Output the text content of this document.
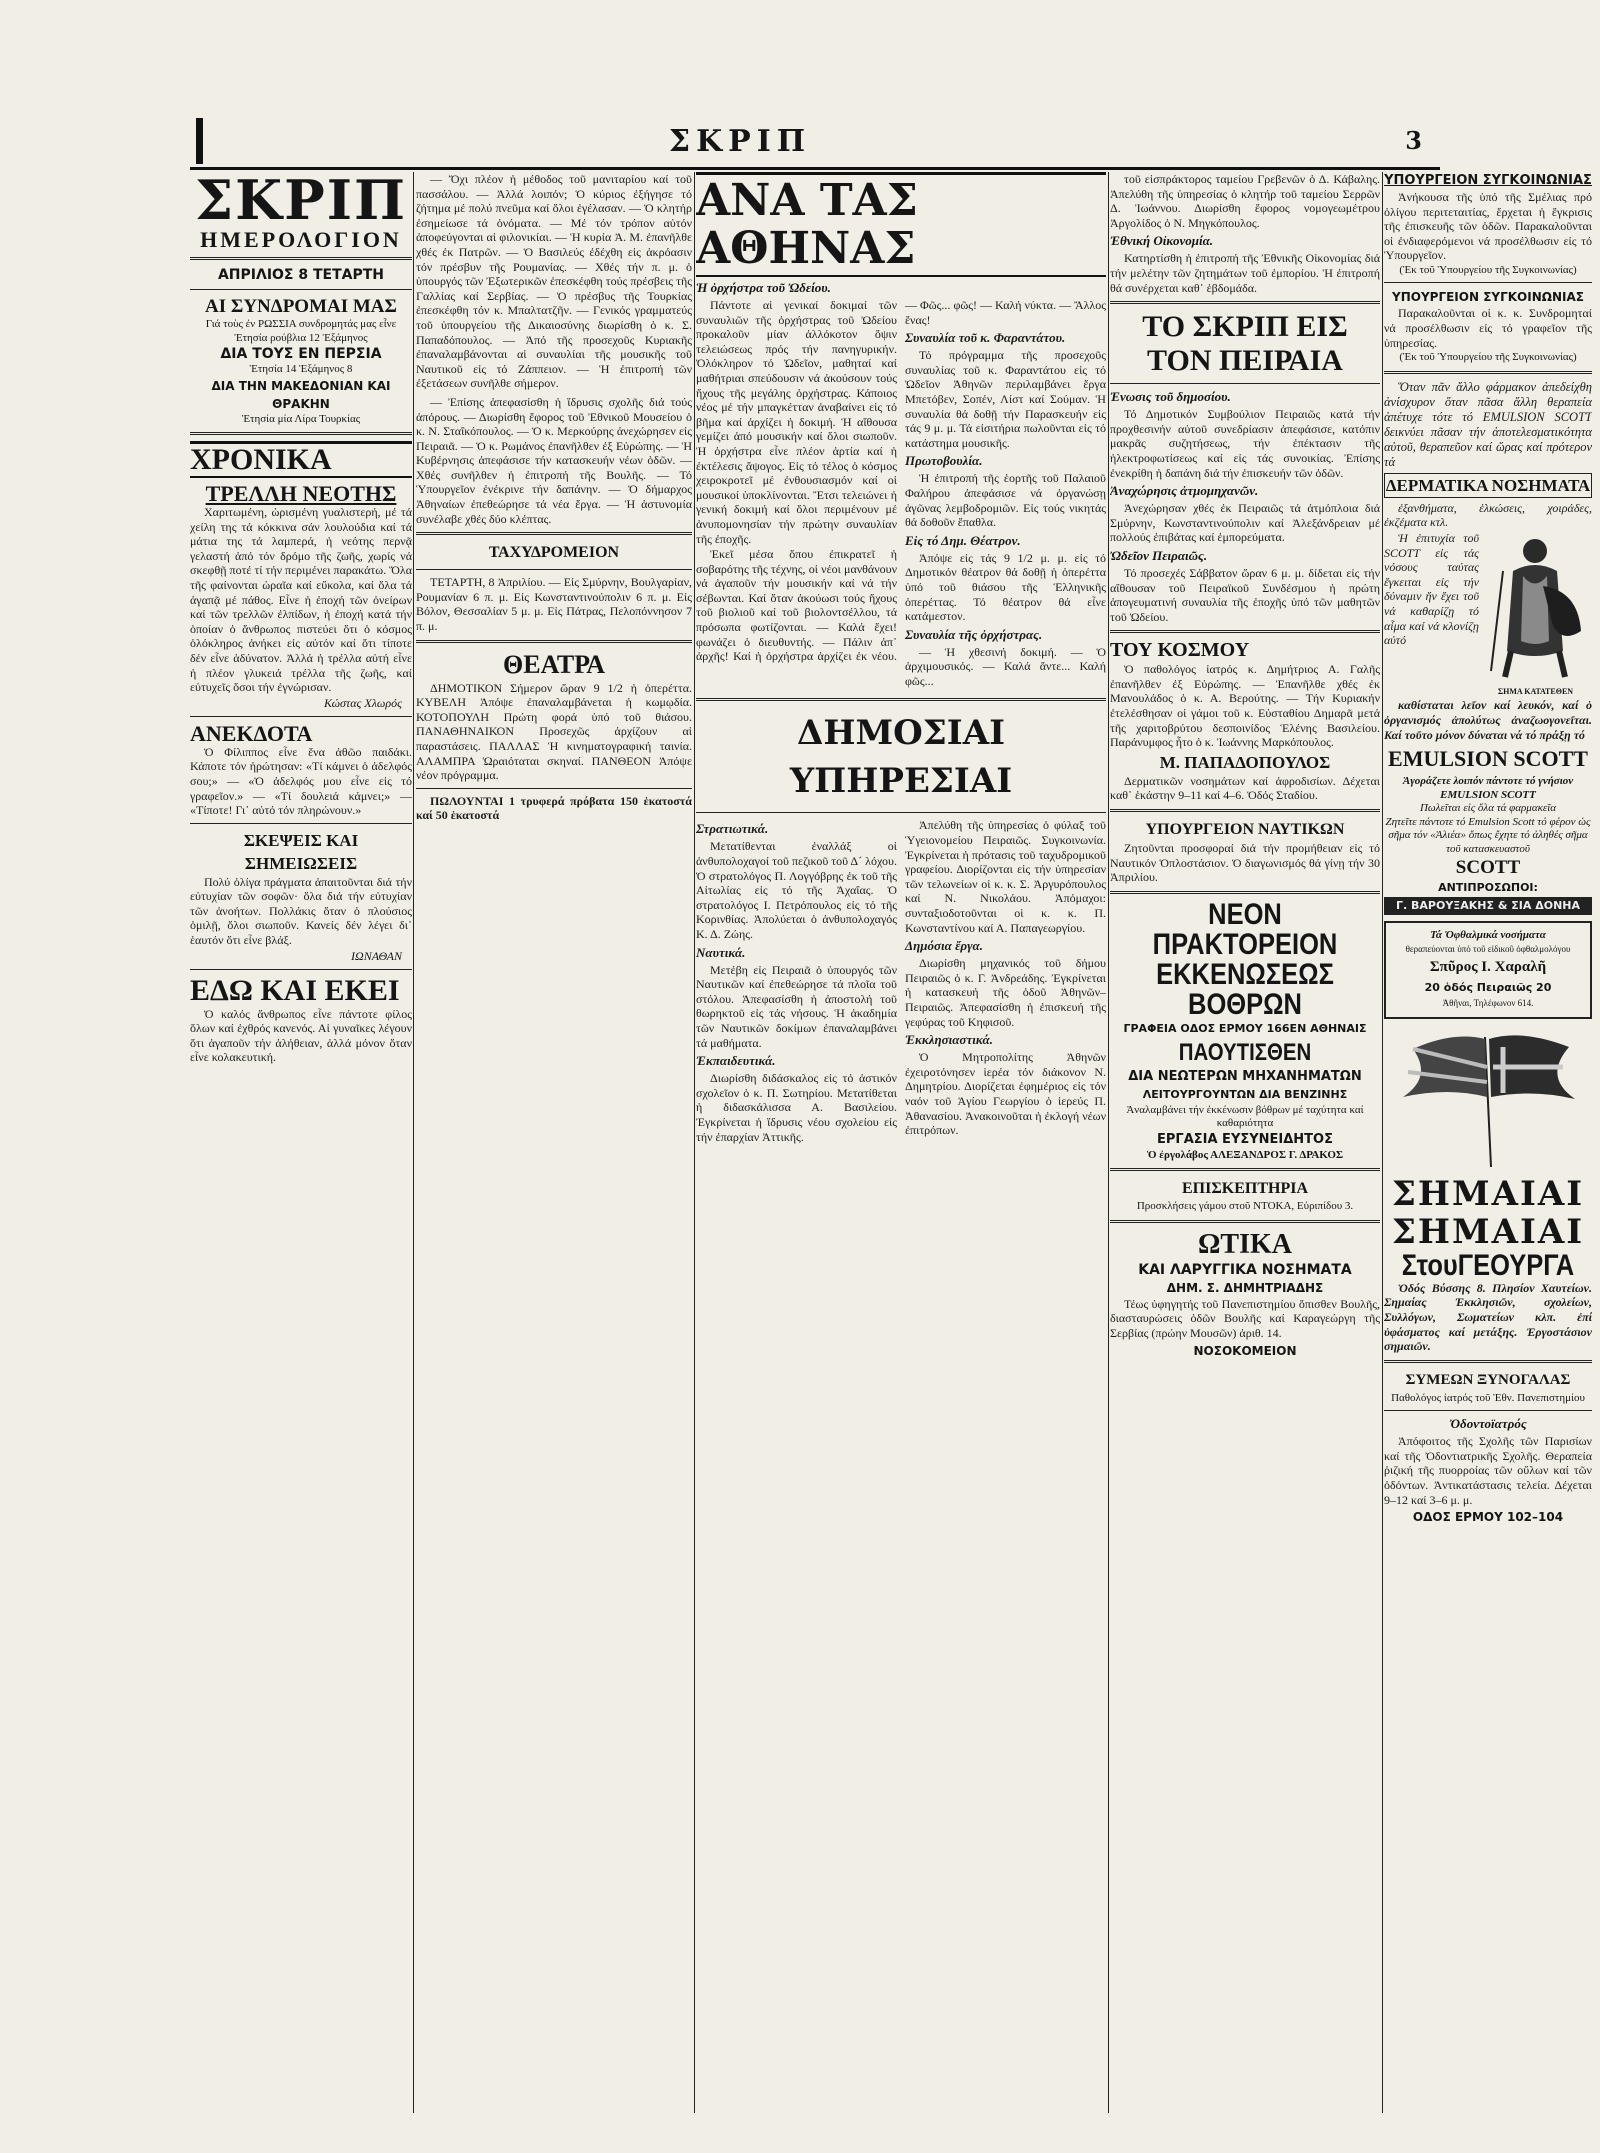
ΣΚΡΙΠ	3
ΣΚΡΙΠ
ΗΜΕΡΟΛΟΓΙΟΝ
ΑΠΡΙΛΙΟΣ 8 ΤΕΤΑΡΤΗ
ΑΙ ΣΥΝΔΡΟΜΑΙ ΜΑΣ
Γιά τοὺς ἐν ΡΩΣΣΙΑ συνδρομητάς μας εἶνε
Ἑτησία ρούβλια 12 Ἑξάμηνος
ΔΙΑ ΤΟΥΣ ΕΝ ΠΕΡΣΙΑ
Ἑτησία 14 Ἑξάμηνος 8
ΔΙΑ ΤΗΝ ΜΑΚΕΔΟΝΙΑΝ ΚΑΙ ΘΡΑΚΗΝ
Ἑτησία μία Λίρα Τουρκίας
ΧΡΟΝΙΚΑ
ΤΡΕΛΛΗ ΝΕΟΤΗΣ

Χαριτωμένη, ὡρισμένη γυαλιστερή, μέ τά χείλη της τά κόκκινα σάν λουλούδια καί τά μάτια της τά λαμπερά, ἡ νεότης περνᾷ γελαστή ἀπό τόν δρόμο τῆς ζωῆς, χωρίς νά σκεφθῇ ποτέ τί τήν περιμένει παρακάτω. Ὅλα τῆς φαίνονται ὡραῖα καί εὔκολα, καί ὅλα τά ἀγαπᾷ μέ πάθος. Εἶνε ἡ ἐποχή τῶν ὀνείρων καί τῶν τρελλῶν ἐλπίδων, ἡ ἐποχή κατά τήν ὁποίαν ὁ ἄνθρωπος πιστεύει ὅτι ὁ κόσμος ὁλόκληρος ἀνήκει εἰς αὐτόν καί ὅτι τίποτε δέν εἶνε ἀδύνατον. Ἀλλά ἡ τρέλλα αὐτή εἶνε ἡ πλέον γλυκειά τρέλλα τῆς ζωῆς, καί εὐτυχεῖς ὅσοι τήν ἐγνώρισαν.

Κώστας Χλωρός
ΑΝΕΚΔΟΤΑ

Ὁ Φίλιππος εἶνε ἕνα ἀθῶο παιδάκι. Κάποτε τόν ἠρώτησαν: «Τί κάμνει ὁ ἀδελφός σου;» — «Ὁ ἀδελφός μου εἶνε εἰς τό γραφεῖον.» — «Τί δουλειά κάμνει;» — «Τίποτε! Γι᾿ αὐτό τόν πληρώνουν.»

ΣΚΕΨΕΙΣ ΚΑΙ ΣΗΜΕΙΩΣΕΙΣ

Πολύ ὀλίγα πράγματα ἀπαιτοῦνται διά τήν εὐτυχίαν τῶν σοφῶν· ὅλα διά τήν εὐτυχίαν τῶν ἀνοήτων. Πολλάκις ὅταν ὁ πλούσιος ὁμιλῇ, ὅλοι σιωποῦν. Κανείς δέν λέγει δι᾿ ἑαυτόν ὅτι εἶνε βλάξ.

ΙΩΝΑΘΑΝ
ΕΔΩ ΚΑΙ ΕΚΕΙ

Ὁ καλός ἄνθρωπος εἶνε πάντοτε φίλος ὅλων καί ἐχθρός κανενός. Αἱ γυναῖκες λέγουν ὅτι ἀγαποῦν τήν ἀλήθειαν, ἀλλά μόνον ὅταν εἶνε κολακευτική.

— Ὄχι πλέον ἡ μέθοδος τοῦ μανιταρίου καί τοῦ πασσάλου. — Ἀλλά λοιπόν; Ὁ κύριος ἐξήγησε τό ζήτημα μέ πολύ πνεῦμα καί ὅλοι ἐγέλασαν. — Ὁ κλητήρ ἐσημείωσε τά ὀνόματα. — Μέ τόν τρόπον αὐτόν ἀποφεύγονται αἱ φιλονικίαι. — Ἡ κυρία Ἀ. Μ. ἐπανῆλθε χθές ἐκ Πατρῶν. — Ὁ Βασιλεύς ἐδέχθη εἰς ἀκρόασιν τόν πρέσβυν τῆς Ρουμανίας. — Χθές τήν π. μ. ὁ ὑπουργός τῶν Ἐξωτερικῶν ἐπεσκέφθη τούς πρέσβεις τῆς Γαλλίας καί Σερβίας. — Ὁ πρέσβυς τῆς Τουρκίας ἐπεσκέφθη τόν κ. Μπαλτατζῆν. — Γενικός γραμματεύς τοῦ ὑπουργείου τῆς Δικαιοσύνης διωρίσθη ὁ κ. Σ. Παπαδόπουλος. — Ἀπό τῆς προσεχοῦς Κυριακῆς ἐπαναλαμβάνονται αἱ συναυλίαι τῆς μουσικῆς τοῦ Ναυτικοῦ εἰς τό Ζάππειον. — Ἡ ἐπιτροπή τῶν ἐξετάσεων συνῆλθε σήμερον.

— Ἐπίσης ἀπεφασίσθη ἡ ἵδρυσις σχολῆς διά τούς ἀπόρους. — Διωρίσθη ἔφορος τοῦ Ἐθνικοῦ Μουσείου ὁ κ. Ν. Σταΐκόπουλος. — Ὁ κ. Μερκούρης ἀνεχώρησεν εἰς Πειραιᾶ. — Ὁ κ. Ρωμάνος ἐπανῆλθεν ἐξ Εὐρώπης. — Ἡ Κυβέρνησις ἀπεφάσισε τήν κατασκευήν νέων ὁδῶν. — Χθές συνῆλθεν ἡ ἐπιτροπή τῆς Βουλῆς. — Τό Ὑπουργεῖον ἐνέκρινε τήν δαπάνην. — Ὁ δήμαρχος Ἀθηναίων ἐπεθεώρησε τά νέα ἔργα. — Ἡ ἀστυνομία συνέλαβε χθές δύο κλέπτας.

ΤΑΧΥΔΡΟΜΕΙΟΝ

ΤΕΤΑΡΤΗ, 8 Ἀπριλίου. — Εἰς Σμύρνην, Βουλγαρίαν, Ρουμανίαν 6 π. μ. Εἰς Κωνσταντινούπολιν 6 π. μ. Εἰς Βόλον, Θεσσαλίαν 5 μ. μ. Εἰς Πάτρας, Πελοπόννησον 7 π. μ.

ΘΕΑΤΡΑ

ΔΗΜΟΤΙΚΟΝ Σήμερον ὥραν 9 1/2 ἡ ὀπερέττα. ΚΥΒΕΛΗ Ἀπόψε ἐπαναλαμβάνεται ἡ κωμῳδία. ΚΟΤΟΠΟΥΛΗ Πρώτη φορά ὑπό τοῦ θιάσου. ΠΑΝΑΘΗΝΑΙΚΟΝ Προσεχῶς ἀρχίζουν αἱ παραστάσεις. ΠΑΛΛΑΣ Ἡ κινηματογραφική ταινία. ΑΛΑΜΠΡΑ Ὡραιόταται σκηναί. ΠΑΝΘΕΟΝ Ἀπόψε νέον πρόγραμμα.

ΠΩΛΟΥΝΤΑΙ 1 τρυφερά πρόβατα 150 ἑκατοστά καί 50 ἑκατοστά

ΑΝΑ ΤΑΣ ΑΘΗΝΑΣ
Ἡ ὀρχήστρα τοῦ Ὠδείου.

Πάντοτε αἱ γενικαί δοκιμαί τῶν συναυλιῶν τῆς ὀρχήστρας τοῦ Ὠδείου προκαλοῦν μίαν ἀλλόκοτον ὄψιν τελειώσεως πρός τήν πανηγυρικήν. Ὁλόκληρον τό Ὠδεῖον, μαθηταί καί μαθήτριαι σπεύδουσιν νά ἀκούσουν τούς ἤχους τῆς μεγάλης ὀρχήστρας. Κάποιος νέος μέ τήν μπαγκέτταν ἀναβαίνει εἰς τό βῆμα καί ἀρχίζει ἡ δοκιμή. Ἡ αἴθουσα γεμίζει ἀπό μουσικήν καί ὅλοι σιωποῦν. Ἡ ὀρχήστρα εἶνε πλέον ἀρτία καί ἡ ἐκτέλεσις ἄψογος. Εἰς τό τέλος ὁ κόσμος χειροκροτεῖ μέ ἐνθουσιασμόν καί οἱ μουσικοί ὑποκλίνονται. Ἔτσι τελειώνει ἡ γενική δοκιμή καί ὅλοι περιμένουν μέ ἀνυπομονησίαν τήν πρώτην συναυλίαν τῆς ἐποχῆς.

Ἐκεῖ μέσα ὅπου ἐπικρατεῖ ἡ σοβαρότης τῆς τέχνης, οἱ νέοι μανθάνουν νά ἀγαποῦν τήν μουσικήν καί νά τήν σέβωνται. Καί ὅταν ἀκούωσι τούς ἤχους τοῦ βιολιοῦ καί τοῦ βιολοντσέλλου, τά πρόσωπα φωτίζονται. — Καλά ἔχει! φωνάζει ὁ διευθυντής. — Πάλιν ἀπ᾿ ἀρχῆς! Καί ἡ ὀρχήστρα ἀρχίζει ἐκ νέου. — Φῶς... φῶς! — Καλή νύκτα. — Ἄλλος ἕνας!

Συναυλία τοῦ κ. Φαραντάτου.

Τό πρόγραμμα τῆς προσεχοῦς συναυλίας τοῦ κ. Φαραντάτου εἰς τό Ὠδεῖον Ἀθηνῶν περιλαμβάνει ἔργα Μπετόβεν, Σοπέν, Λίστ καί Σούμαν. Ἡ συναυλία θά δοθῇ τήν Παρασκευήν εἰς τάς 9 μ. μ. Τά εἰσιτήρια πωλοῦνται εἰς τό κατάστημα μουσικῆς.

Πρωτοβουλία.

Ἡ ἐπιτροπή τῆς ἑορτῆς τοῦ Παλαιοῦ Φαλήρου ἀπεφάσισε νά ὀργανώσῃ ἀγῶνας λεμβοδρομιῶν. Εἰς τούς νικητάς θά δοθοῦν ἔπαθλα.

Εἰς τό Δημ. Θέατρον.

Ἀπόψε εἰς τάς 9 1/2 μ. μ. εἰς τό Δημοτικόν θέατρον θά δοθῇ ἡ ὀπερέττα ὑπό τοῦ θιάσου τῆς Ἑλληνικῆς ὀπερέττας. Τό θέατρον θά εἶνε κατάμεστον.

Συναυλία τῆς ὀρχήστρας.

— Ἡ χθεσινή δοκιμή. — Ὁ ἀρχιμουσικός. — Καλά ἄντε... Καλή φῶς...

ΔΗΜΟΣΙΑΙ ΥΠΗΡΕΣΙΑΙ
Στρατιωτικά.

Μετατίθενται ἐναλλάξ οἱ ἀνθυπολοχαγοί τοῦ πεζικοῦ τοῦ Δ´ λόχου. Ὁ στρατολόγος Π. Λογγόβρης ἐκ τοῦ τῆς Αἰτωλίας εἰς τό τῆς Ἀχαΐας. Ὁ στρατολόγος Ι. Πετρόπουλος εἰς τό τῆς Κορινθίας. Ἀπολύεται ὁ ἀνθυπολοχαγός Κ. Δ. Ζώης.

Ναυτικά.

Μετέβη εἰς Πειραιᾶ ὁ ὑπουργός τῶν Ναυτικῶν καί ἐπεθεώρησε τά πλοῖα τοῦ στόλου. Ἀπεφασίσθη ἡ ἀποστολή τοῦ θωρηκτοῦ εἰς τάς νήσους. Ἡ ἀκαδημία τῶν Ναυτικῶν δοκίμων ἐπαναλαμβάνει τά μαθήματα.

Ἐκπαιδευτικά.

Διωρίσθη διδάσκαλος εἰς τό ἀστικόν σχολεῖον ὁ κ. Π. Σωτηρίου. Μετατίθεται ἡ διδασκάλισσα Α. Βασιλείου. Ἐγκρίνεται ἡ ἵδρυσις νέου σχολείου εἰς τήν ἐπαρχίαν Ἀττικῆς.

Ἀπελύθη τῆς ὑπηρεσίας ὁ φύλαξ τοῦ Ὑγειονομείου Πειραιῶς. Συγκοινωνία. Ἐγκρίνεται ἡ πρότασις τοῦ ταχυδρομικοῦ γραφείου. Διορίζονται εἰς τήν ὑπηρεσίαν τῶν τελωνείων οἱ κ. κ. Σ. Ἀργυρόπουλος καί Ν. Νικολάου. Ἀπόμαχοι: συνταξιοδοτοῦνται οἱ κ. κ. Π. Κωνσταντίνου καί Α. Παπαγεωργίου.

Δημόσια ἔργα.

Διωρίσθη μηχανικός τοῦ δήμου Πειραιῶς ὁ κ. Γ. Ἀνδρεάδης. Ἐγκρίνεται ἡ κατασκευή τῆς ὁδοῦ Ἀθηνῶν–Πειραιῶς. Ἀπεφασίσθη ἡ ἐπισκευή τῆς γεφύρας τοῦ Κηφισοῦ.

Ἐκκλησιαστικά.

Ὁ Μητροπολίτης Ἀθηνῶν ἐχειροτόνησεν ἱερέα τόν διάκονον Ν. Δημητρίου. Διορίζεται ἐφημέριος εἰς τόν ναόν τοῦ Ἁγίου Γεωργίου ὁ ἱερεύς Π. Ἀθανασίου. Ἀνακοινοῦται ἡ ἐκλογή νέων ἐπιτρόπων.

τοῦ εἰσπράκτορος ταμείου Γρεβενῶν ὁ Δ. Κάβαλης. Ἀπελύθη τῆς ὑπηρεσίας ὁ κλητήρ τοῦ ταμείου Σερρῶν Δ. Ἰωάννου. Διωρίσθη ἔφορος νομογεωμέτρου Ἀργολίδος ὁ Ν. Μηγκόπουλος.

Ἐθνική Οἰκονομία.

Κατηρτίσθη ἡ ἐπιτροπή τῆς Ἐθνικῆς Οἰκονομίας διά τήν μελέτην τῶν ζητημάτων τοῦ ἐμπορίου. Ἡ ἐπιτροπή θά συνέρχεται καθ᾿ ἑβδομάδα.

ΤΟ ΣΚΡΙΠ ΕΙΣ ΤΟΝ ΠΕΙΡΑΙΑ
Ἐνωσις τοῦ δημοσίου.

Τό Δημοτικόν Συμβούλιον Πειραιῶς κατά τήν προχθεσινήν αὐτοῦ συνεδρίασιν ἀπεφάσισε, κατόπιν μακρᾶς συζητήσεως, τήν ἐπέκτασιν τῆς ἠλεκτροφωτίσεως καί εἰς τάς συνοικίας. Ἐπίσης ἐνεκρίθη ἡ δαπάνη διά τήν ἐπισκευήν τῶν ὁδῶν.

Ἀναχώρησις ἀτμομηχανῶν.

Ἀνεχώρησαν χθές ἐκ Πειραιῶς τά ἀτμόπλοια διά Σμύρνην, Κωνσταντινούπολιν καί Ἀλεξάνδρειαν μέ πολλούς ἐπιβάτας καί ἐμπορεύματα.

Ὠδεῖον Πειραιῶς.

Τό προσεχές Σάββατον ὥραν 6 μ. μ. δίδεται εἰς τήν αἴθουσαν τοῦ Πειραϊκοῦ Συνδέσμου ἡ πρώτη ἀπογευματινή συναυλία τῆς ἐποχῆς ὑπό τῶν μαθητῶν τοῦ Ὠδείου.

ΤΟΥ ΚΟΣΜΟΥ

Ὁ παθολόγος ἰατρός κ. Δημήτριος Α. Γαλῆς ἐπανῆλθεν ἐξ Εὐρώπης. — Ἐπανῆλθε χθές ἐκ Μανουλάδος ὁ κ. Α. Βερούτης. — Τήν Κυριακήν ἐτελέσθησαν οἱ γάμοι τοῦ κ. Εὐσταθίου Δημαρᾶ μετά τῆς χαριτοβρύτου δεσποινίδος Ἑλένης Βασιλείου. Παράνυμφος ἦτο ὁ κ. Ἰωάννης Μαρκόπουλος.

Μ. ΠΑΠΑΔΟΠΟΥΛΟΣ

Δερματικῶν νοσημάτων καί ἀφροδισίων. Δέχεται καθ᾿ ἑκάστην 9–11 καί 4–6. Ὁδός Σταδίου.

ΥΠΟΥΡΓΕΙΟΝ ΝΑΥΤΙΚΩΝ

Ζητοῦνται προσφοραί διά τήν προμήθειαν εἰς τό Ναυτικόν Ὁπλοστάσιον. Ὁ διαγωνισμός θά γίνῃ τήν 30 Ἀπριλίου.

ΝΕΟΝ ΠΡΑΚΤΟΡΕΙΟΝ
ΕΚΚΕΝΩΣΕΩΣ ΒΟΘΡΩΝ
ΓΡΑΦΕΙΑ ΟΔΟΣ ΕΡΜΟΥ 166ΕΝ ΑΘΗΝΑΙΣ
ΠΑΟΥΤΙΣΘΕΝ
ΔΙΑ ΝΕΩΤΕΡΩΝ ΜΗΧΑΝΗΜΑΤΩΝ
ΛΕΙΤΟΥΡΓΟΥΝΤΩΝ ΔΙΑ ΒΕΝΖΙΝΗΣ
Ἀναλαμβάνει τήν ἐκκένωσιν βόθρων μέ ταχύτητα καί καθαριότητα
ΕΡΓΑΣΙΑ ΕΥΣΥΝΕΙΔΗΤΟΣ
Ὁ ἐργολάβος ΑΛΕΞΑΝΔΡΟΣ Γ. ΔΡΑΚΟΣ
ΕΠΙΣΚΕΠΤΗΡΙΑ
Προσκλήσεις γάμου στοῦ ΝΤΟΚΑ, Εὐριπίδου 3.
ΩΤΙΚΑ
ΚΑΙ ΛΑΡΥΓΓΙΚΑ ΝΟΣΗΜΑΤΑ
ΔΗΜ. Σ. ΔΗΜΗΤΡΙΑΔΗΣ

Τέως ὑφηγητής τοῦ Πανεπιστημίου ὄπισθεν Βουλῆς, διασταυρώσεις ὁδῶν Βουλῆς καί Καραγεώργη τῆς Σερβίας (πρώην Μουσῶν) ἀριθ. 14.

ΝΟΣΟΚΟΜΕΙΟΝ
ΥΠΟΥΡΓΕΙΟΝ ΣΥΓΚΟΙΝΩΝΙΑΣ

Ἀνήκουσα τῆς ὑπό τῆς Σμέλιας πρό ὀλίγου περιτεταιτίας, ἔρχεται ἡ ἔγκρισις τῆς ἐπισκευῆς τῶν ὁδῶν. Παρακαλοῦνται οἱ ἐνδιαφερόμενοι νά προσέλθωσιν εἰς τό Ὑπουργεῖον.

(Ἐκ τοῦ Ὑπουργείου τῆς Συγκοινωνίας)
ΥΠΟΥΡΓΕΙΟΝ ΣΥΓΚΟΙΝΩΝΙΑΣ

Παρακαλοῦνται οἱ κ. κ. Συνδρομηταί νά προσέλθωσιν εἰς τό γραφεῖον τῆς ὑπηρεσίας.

(Ἐκ τοῦ Ὑπουργείου τῆς Συγκοινωνίας)

Ὅταν πᾶν ἄλλο φάρμακον ἀπεδείχθη ἀνίσχυρον ὅταν πᾶσα ἄλλη θεραπεία ἀπέτυχε τότε τό EMULSION SCOTT δεικνύει πᾶσαν τήν ἀποτελεσματικότητα αὐτοῦ, θεραπεῦον καί ὥρας καί πρότερον τά

ΔΕΡΜΑΤΙΚΑ ΝΟΣΗΜΑΤΑ

ἐξανθήματα, ἑλκώσεις, χοιράδες, ἐκζέματα κτλ.

Ἡ ἐπιτυχία τοῦ SCOTT εἰς τάς νόσους ταύτας ἔγκειται εἰς τήν δύναμιν ἥν ἔχει τοῦ νά καθαρίζῃ τό αἷμα καί νά κλονίζῃ αὐτό

ΣΗΜΑ ΚΑΤΑΤΕΘΕΝ

καθίσταται λεῖον καί λευκόν, καί ὁ ὀργανισμός ἀπολύτως ἀναζωογονεῖται. Καί τοῦτο μόνον δύναται νά τό πράξῃ τό

EMULSION SCOTT
Ἀγοράζετε λοιπόν πάντοτε τό γνήσιον EMULSION SCOTT
Πωλεῖται εἰς ὅλα τά φαρμακεῖα
Ζητεῖτε πάντοτε τό Emulsion Scott τό φέρον ὡς σῆμα τόν «Ἁλιέα» ὅπως ἔχητε τό ἀληθές σῆμα τοῦ κατασκευαστοῦ
SCOTT
ΑΝΤΙΠΡΟΣΩΠΟΙ:
Γ. ΒΑΡΟΥΞΑΚΗΣ & ΣΙΑ ΔΟΝΗΑ
Τά Ὀφθαλμικά νοσήματα
θεραπεύονται ὑπό τοῦ εἰδικοῦ ὀφθαλμολόγου
Σπῦρος Ι. Χαραλῆ
20 ὁδός Πειραιῶς 20
Ἀθῆναι, Τηλέφωνον 614.
ΣΗΜΑΙΑΙ
ΣΗΜΑΙΑΙ
ΣτουΓΕΟΥΡΓΑ

Ὁδός Βύσσης 8. Πλησίον Χαυτείων. Σημαίας Ἐκκλησιῶν, σχολείων, Συλλόγων, Σωματείων κλπ. ἐπί ὑφάσματος καί μετάξης. Ἐργοστάσιον σημαιῶν.

ΣΥΜΕΩΝ ΞΥΝΟΓΑΛΑΣ
Παθολόγος ἰατρός τοῦ Ἐθν. Πανεπιστημίου
Ὀδοντοϊατρός

Ἀπόφοιτος τῆς Σχολῆς τῶν Παρισίων καί τῆς Ὀδοντιατρικῆς Σχολῆς. Θεραπεία ῥιζική τῆς πυορροίας τῶν οὔλων καί τῶν ὀδόντων. Ἀντικατάστασις τελεία. Δέχεται 9–12 καί 3–6 μ. μ.

ΟΔΟΣ ΕΡΜΟΥ 102–104
